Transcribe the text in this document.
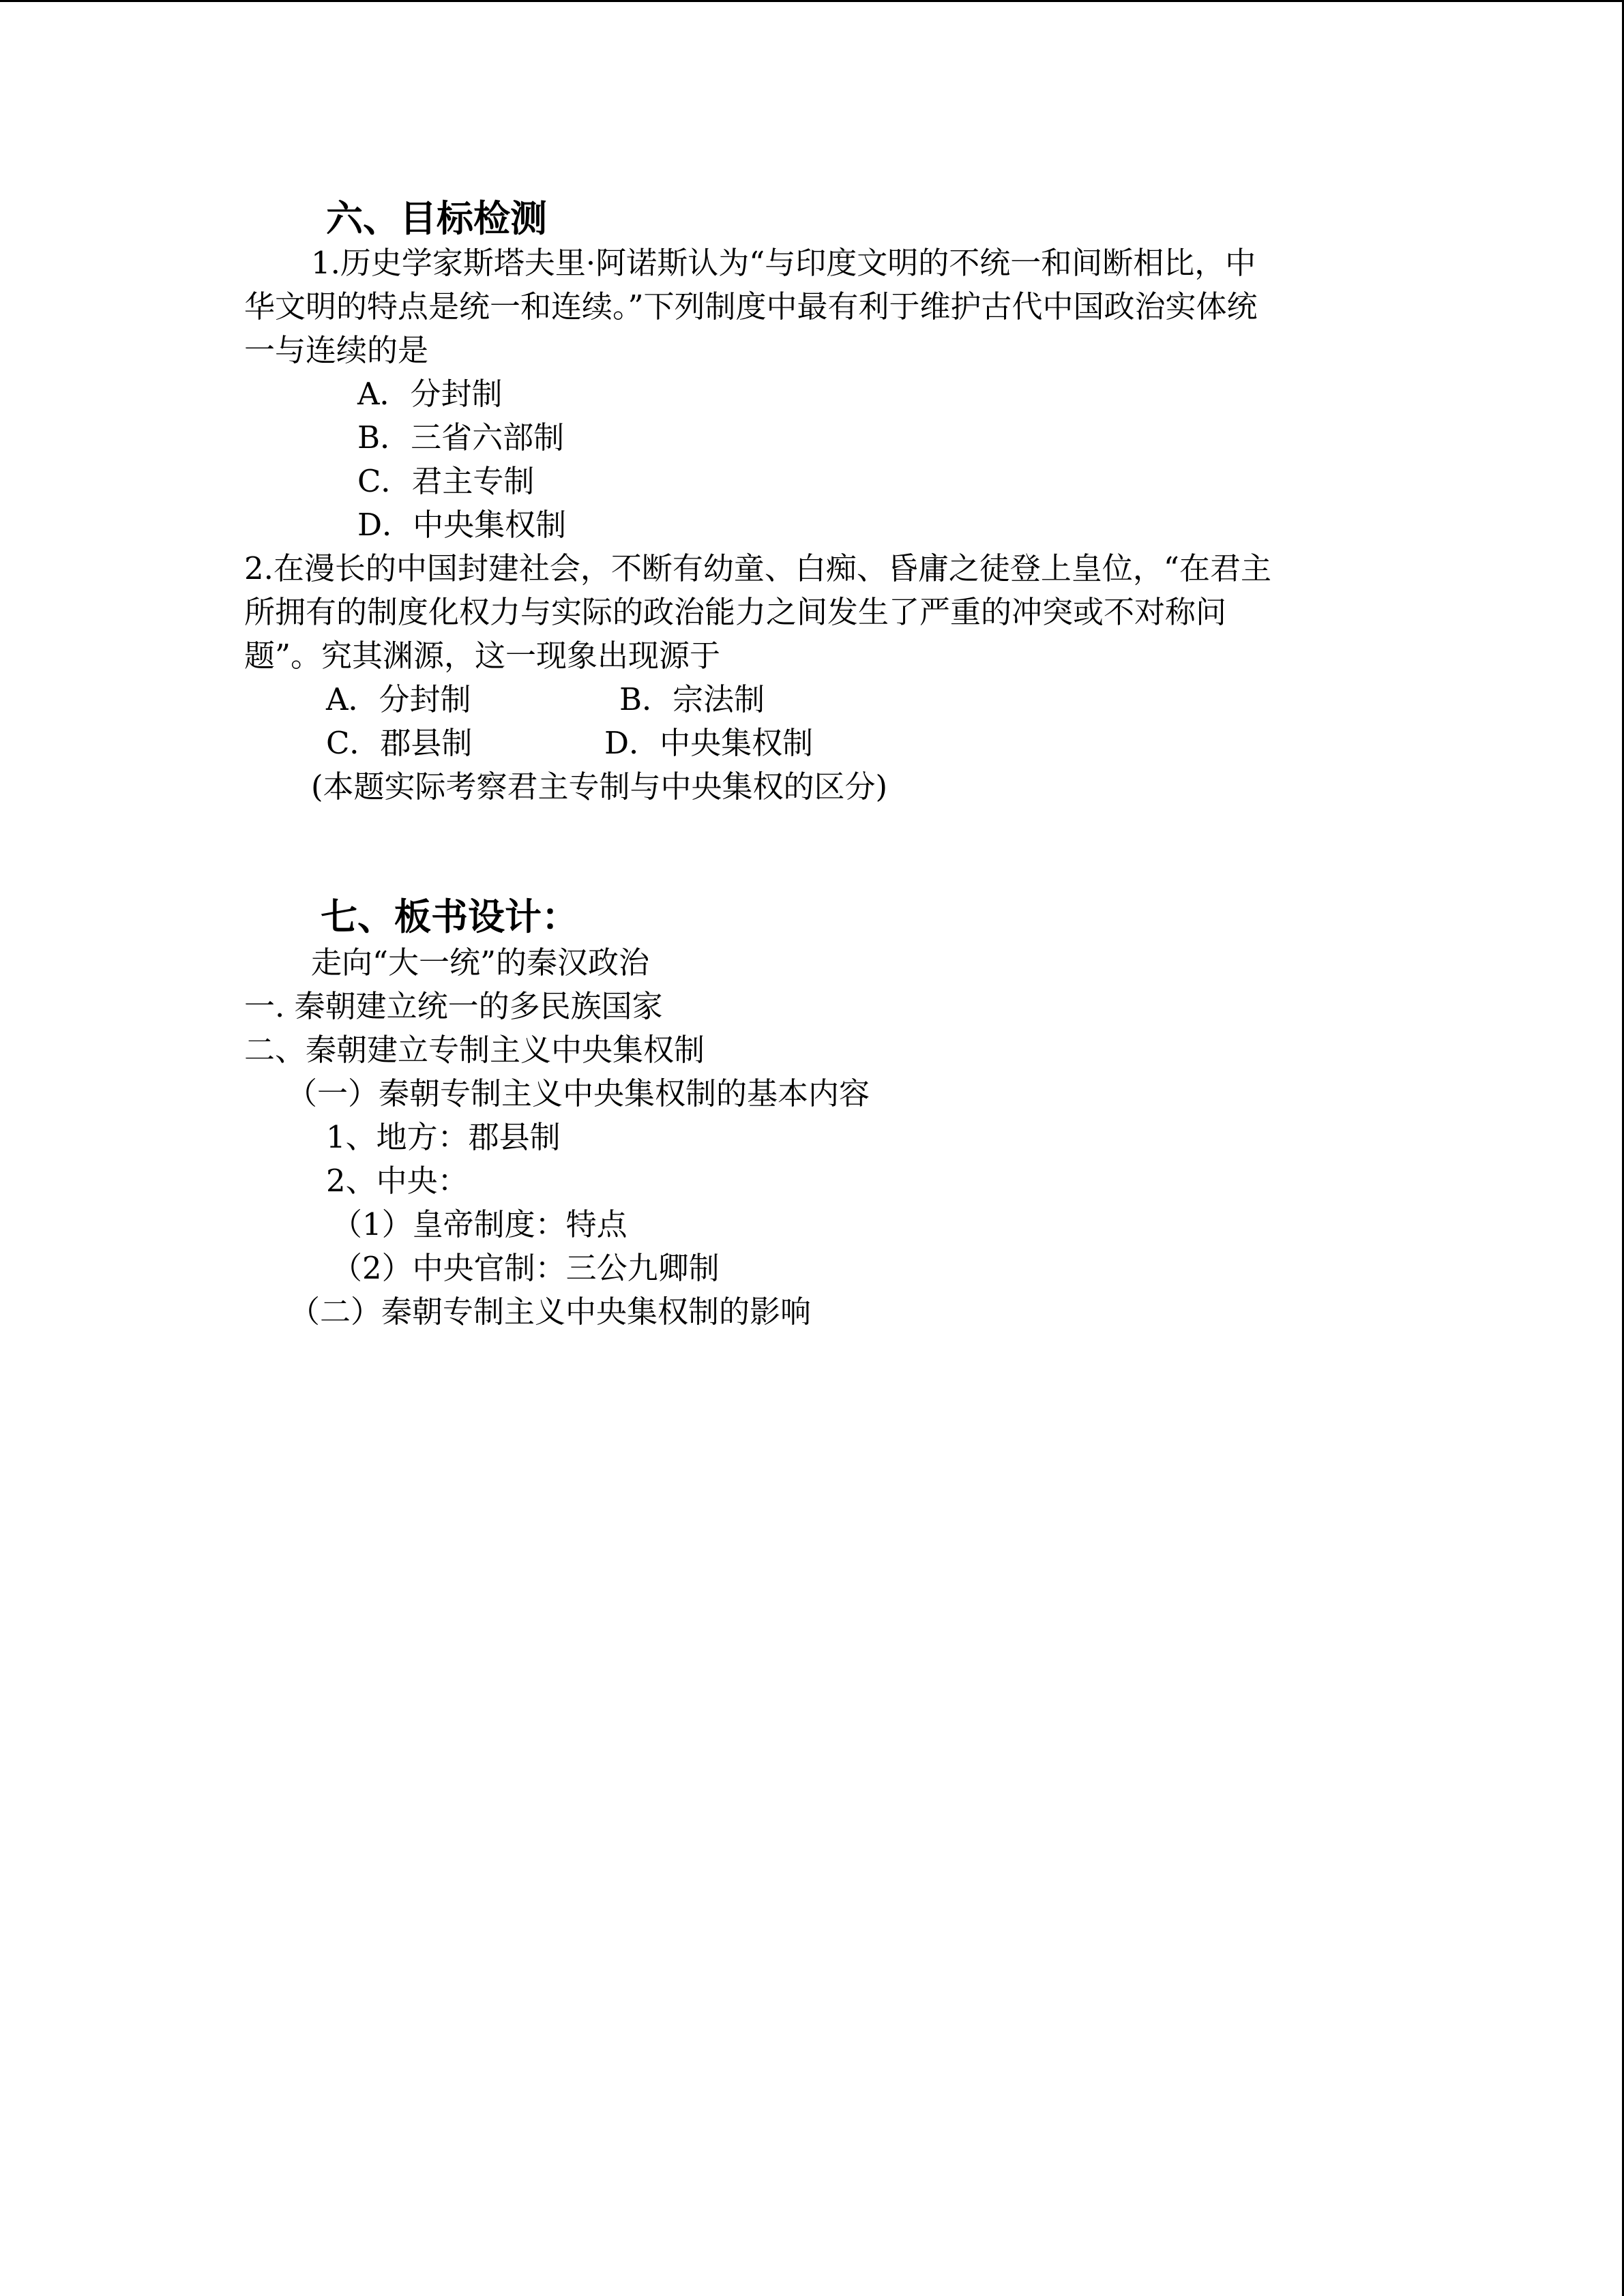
六、目标检测
1.历史学家斯塔夫里·阿诺斯认为“与印度文明的不统一和间断相比，中
华文明的特点是统一和连续。”下列制度中最有利于维护古代中国政治实体统
一与连续的是
A．分封制
B．三省六部制
C．君主专制
D．中央集权制
2.在漫长的中国封建社会，不断有幼童、白痴、昏庸之徒登上皇位，“在君主
所拥有的制度化权力与实际的政治能力之间发生了严重的冲突或不对称问
题”。究其渊源，这一现象出现源于
A．分封制	B．宗法制
C．郡县制	D．中央集权制
(本题实际考察君主专制与中央集权的区分)
七、板书设计：
走向“大一统”的秦汉政治
一. 秦朝建立统一的多民族国家
二、秦朝建立专制主义中央集权制
（一）秦朝专制主义中央集权制的基本内容
1、地方：郡县制
2、中央：
（1）皇帝制度：特点
（2）中央官制：三公九卿制
（二）秦朝专制主义中央集权制的影响
